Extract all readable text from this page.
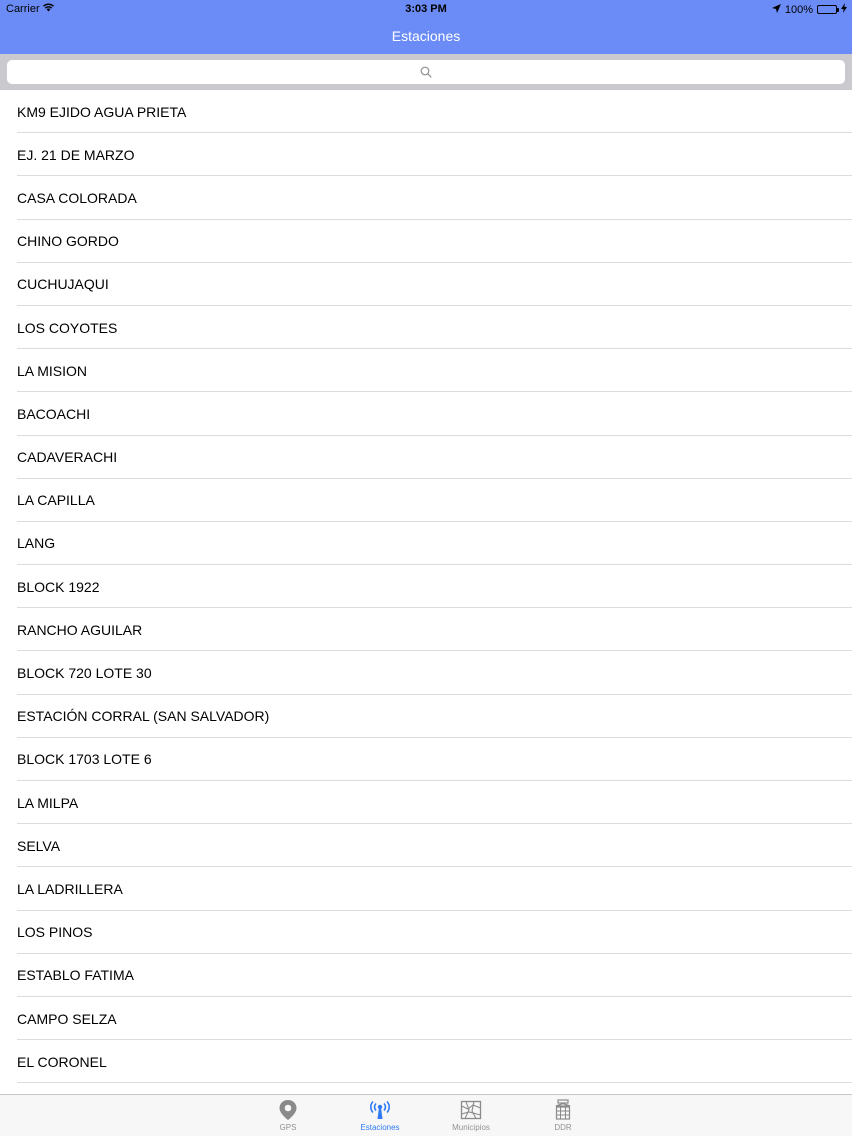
Carrier	3:03 PM	100%
Estaciones
KM9 EJIDO AGUA PRIETA
EJ. 21 DE MARZO
CASA COLORADA
CHINO GORDO
CUCHUJAQUI
LOS COYOTES
LA MISION
BACOACHI
CADAVERACHI
LA CAPILLA
LANG
BLOCK 1922
RANCHO AGUILAR
BLOCK 720 LOTE 30
ESTACIÓN CORRAL (SAN SALVADOR)
BLOCK 1703 LOTE 6
LA MILPA
SELVA
LA LADRILLERA
LOS PINOS
ESTABLO FATIMA
CAMPO SELZA
EL CORONEL
GPS	Estaciones	Municipios	DDR
